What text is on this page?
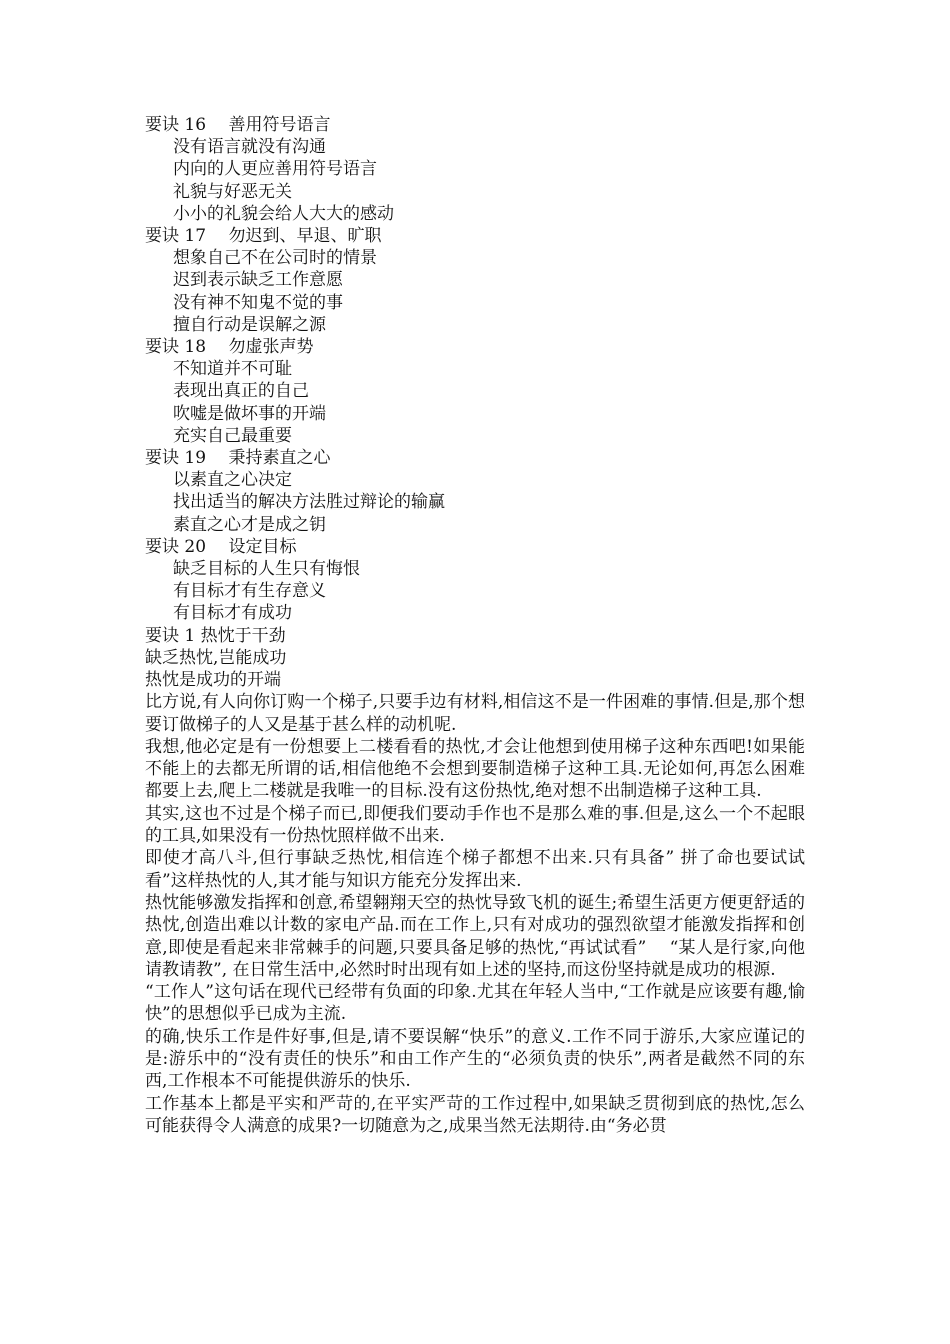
要诀 16　 善用符号语言
没有语言就没有沟通
内向的人更应善用符号语言
礼貌与好恶无关
小小的礼貌会给人大大的感动
要诀 17　 勿迟到、早退、旷职
想象自己不在公司时的情景
迟到表示缺乏工作意愿
没有神不知鬼不觉的事
擅自行动是误解之源
要诀 18　 勿虚张声势
不知道并不可耻
表现出真正的自己
吹嘘是做坏事的开端
充实自己最重要
要诀 19　 秉持素直之心
以素直之心决定
找出适当的解决方法胜过辩论的输赢
素直之心才是成之钥
要诀 20　 设定目标
缺乏目标的人生只有悔恨
有目标才有生存意义
有目标才有成功
要诀 1 热忱于干劲
缺乏热忱,岂能成功
热忱是成功的开端
比方说,有人向你订购一个梯子,只要手边有材料,相信这不是一件困难的事情.但是,那个想要订做梯子的人又是基于甚么样的动机呢.
我想,他必定是有一份想要上二楼看看的热忱,才会让他想到使用梯子这种东西吧!如果能不能上的去都无所谓的话,相信他绝不会想到要制造梯子这种工具.无论如何,再怎么困难都要上去,爬上二楼就是我唯一的目标.没有这份热忱,绝对想不出制造梯子这种工具.
其实,这也不过是个梯子而已,即便我们要动手作也不是那么难的事.但是,这么一个不起眼的工具,如果没有一份热忱照样做不出来.
即使才高八斗,但行事缺乏热忱,相信连个梯子都想不出来.只有具备” 拼了命也要试试看”这样热忱的人,其才能与知识方能充分发挥出来.
热忱能够激发指挥和创意,希望翱翔天空的热忱导致飞机的诞生;希望生活更方便更舒适的热忱,创造出难以计数的家电产品.而在工作上,只有对成功的强烈欲望才能激发指挥和创意,即使是看起来非常棘手的问题,只要具备足够的热忱,“再试试看”　 “某人是行家,向他请教请教”, 在日常生活中,必然时时出现有如上述的坚持,而这份坚持就是成功的根源.
“工作人”这句话在现代已经带有负面的印象.尤其在年轻人当中,“工作就是应该要有趣,愉快”的思想似乎已成为主流.
的确,快乐工作是件好事,但是,请不要误解“快乐”的意义.工作不同于游乐,大家应谨记的是:游乐中的“没有责任的快乐”和由工作产生的“必须负责的快乐”,两者是截然不同的东西,工作根本不可能提供游乐的快乐.
工作基本上都是平实和严苛的,在平实严苛的工作过程中,如果缺乏贯彻到底的热忱,怎么可能获得令人满意的成果?一切随意为之,成果当然无法期待.由“务必贯
